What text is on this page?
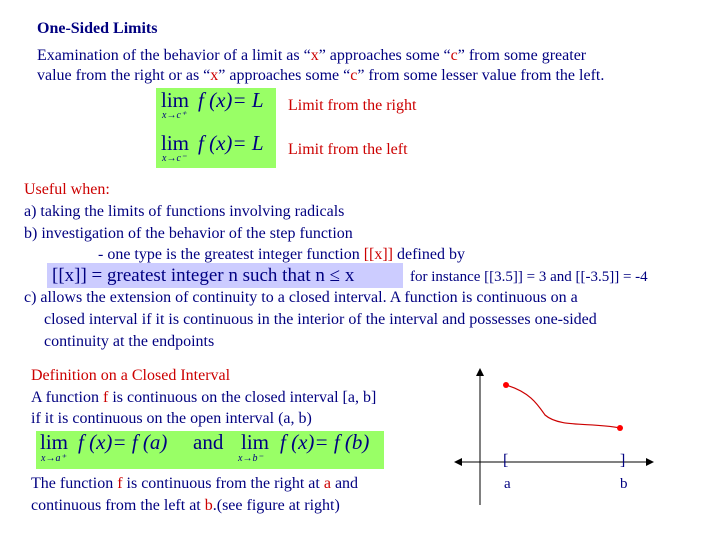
One-Sided Limits
Examination of the behavior of a limit as “x” approaches some “c” from some greater
value from the right or as “x” approaches some “c” from some lesser value from the left.
lim
x→c⁺
f (x)= L
lim
x→c⁻
f (x)= L
Limit from the right
Limit from the left
Useful when:
a) taking the limits of functions involving radicals
b) investigation of the behavior of the step function
- one type is the greatest integer function [[x]] defined by
[[x]] = greatest integer n such that n ≤ x	for instance [[3.5]] = 3 and [[-3.5]] = -4
c) allows the extension of continuity to a closed interval. A function is continuous on a
closed interval if it is continuous in the interior of the interval and possesses one-sided
continuity at the endpoints
Definition on a Closed Interval
A function f is continuous on the closed interval [a, b]
if it is continuous on the open interval (a, b)
lim
x→a⁺
f (x)= f (a) and lim
x→b⁻
f (x)= f (b)
The function f is continuous from the right at a and
continuous from the left at b.(see figure at right)
[	]
a	b
